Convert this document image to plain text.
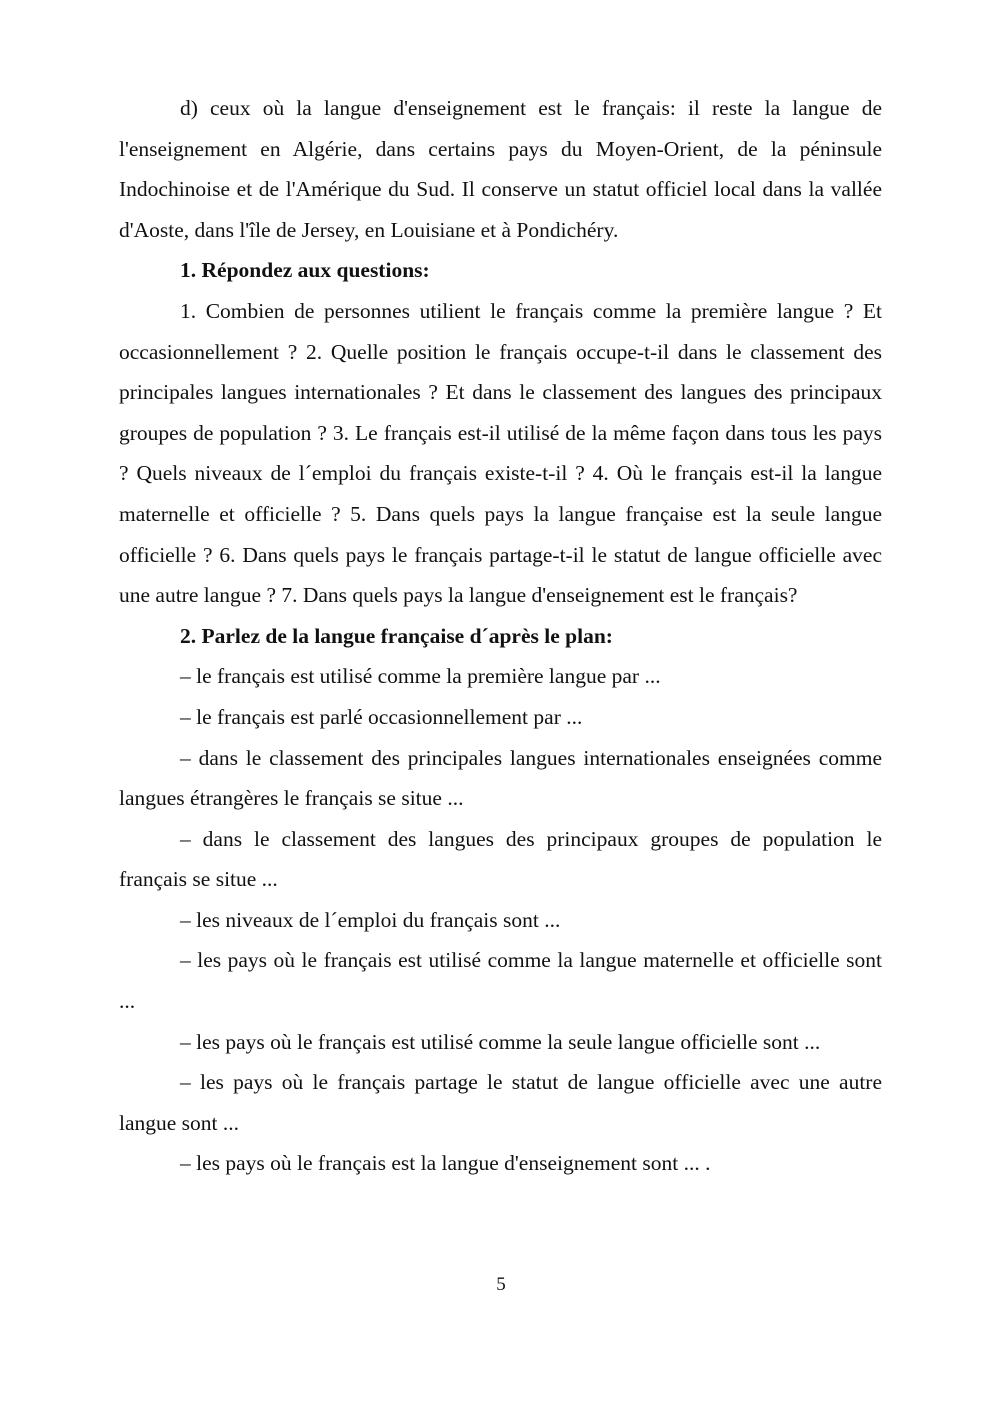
d) ceux où la langue d'enseignement est le français: il reste la langue de l'enseignement en Algérie, dans certains pays du Moyen-Orient, de la péninsule Indochinoise et de l'Amérique du Sud. Il conserve un statut officiel local dans la vallée d'Aoste, dans l'île de Jersey, en Louisiane et à Pondichéry.

1. Répondez aux questions:

1. Combien de personnes utilient le français comme la première langue ? Et occasionnellement ? 2. Quelle position le français occupe-t-il dans le classement des principales langues internationales ? Et dans le classement des langues des principaux groupes de population ? 3. Le français est-il utilisé de la même façon dans tous les pays ? Quels niveaux de l´emploi du français existe-t-il ? 4. Où le français est-il la langue maternelle et officielle ? 5. Dans quels pays la langue française est la seule langue officielle ? 6. Dans quels pays le français partage-t-il le statut de langue officielle avec une autre langue ? 7. Dans quels pays la langue d'enseignement est le français?

2. Parlez de la langue française d´après le plan:

– le français est utilisé comme la première langue par ...

– le français est parlé occasionnellement par ...

– dans le classement des principales langues internationales enseignées comme langues étrangères le français se situe ...

– dans le classement des langues des principaux groupes de population le français se situe ...

– les niveaux de l´emploi du français sont ...

– les pays où le français est utilisé comme la langue maternelle et officielle sont ...

– les pays où le français est utilisé comme la seule langue officielle sont ...

– les pays où le français partage le statut de langue officielle avec une autre langue sont ...

– les pays où le français est la langue d'enseignement sont ... .

5
